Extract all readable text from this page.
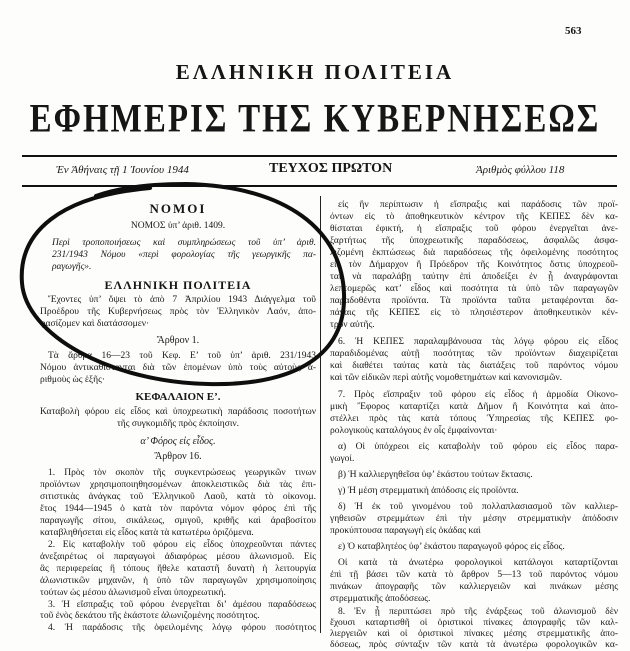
563
ΕΛΛΗΝΙΚΗ ΠΟΛΙΤΕΙΑ
ΕΦΗΜΕΡΙΣ ΤΗΣ ΚΥΒΕΡΝΗΣΕΩΣ
Ἐν Ἀθήναις τῇ 1 Ἰουνίου 1944	ΤΕΥΧΟΣ ΠΡΩΤΟΝ	Ἀριθμὸς φύλλου 118
ΝΟΜΟΙ
ΝΟΜΟΣ ὑπ’ ἀριθ. 1409.
Περὶ τροποποιήσεως καὶ συμπληρώσεως τοῦ ὑπ’ ἀριθ.
231/1943 Νόμου «περὶ φορολογίας τῆς γεωργικῆς πα-
ραγωγῆς».
ΕΛΛΗΝΙΚΗ ΠΟΛΙΤΕΙΑ
Ἔχοντες ὑπ’ ὄψει τὸ ἀπὸ 7 Ἀπριλίου 1943 Διάγγελμα τοῦ
Προέδρου τῆς Κυβερνήσεως πρὸς τὸν Ἑλληνικὸν Λαόν, ἀπο-
φασίζομεν καὶ διατάσσομεν·
Ἄρθρον 1.
Τὰ ἄρθρα 16—23 τοῦ Κεφ. Ε’ τοῦ ὑπ’ ἀριθ. 231/1943
Νόμου ἀντικαθίστανται διὰ τῶν ἑπομένων ὑπὸ τοὺς αὐτοὺς ἀ-
ριθμοὺς ὡς ἑξῆς·
ΚΕΦΑΛΑΙΟΝ Ε’.
Καταβολὴ φόρου εἰς εἶδος καὶ ὑποχρεωτικὴ παράδοσις ποσοτήτων
τῆς συγκομιδῆς πρὸς ἐκποίησιν.
α’ Φόρος εἰς εἶδος.
Ἄρθρον 16.
1. Πρὸς τὸν σκοπὸν τῆς συγκεντρώσεως γεωργικῶν τινων
προϊόντων χρησιμοποιηθησομένων ἀποκλειστικῶς διὰ τὰς ἐπι-
σιτιστικὰς ἀνάγκας τοῦ Ἑλληνικοῦ Λαοῦ, κατὰ τὸ οἰκονομ.
ἔτος 1944—1945 ὁ κατὰ τὸν παρόντα νόμον φόρος ἐπὶ τῆς
παραγωγῆς σίτου, σικάλεως, σμιγοῦ, κριθῆς καὶ ἀραβοσίτου
καταβληθήσεται εἰς εἶδος κατὰ τὰ κατωτέρω ὁριζόμενα.
2. Εἰς καταβολὴν τοῦ φόρου εἰς εἶδος ὑποχρεοῦνται πάντες
ἀνεξαιρέτως οἱ παραγωγοὶ ἀδιαφόρως μέσου ἁλωνισμοῦ. Εἰς
ἃς περιφερείας ἢ τόπους ἤθελε καταστῆ δυνατὴ ἡ λειτουργία
ἁλωνιστικῶν μηχανῶν, ἡ ὑπὸ τῶν παραγωγῶν χρησιμοποίησις
τούτων ὡς μέσου ἁλωνισμοῦ εἶναι ὑποχρεωτική.
3. Ἡ εἴσπραξις τοῦ φόρου ἐνεργεῖται δι’ ἀμέσου παραδόσεως
τοῦ ἐνὸς δεκάτου τῆς ἑκάστοτε ἁλωνιζομένης ποσότητος.
4. Ἡ παράδοσις τῆς ὀφειλομένης λόγῳ φόρου ποσότητος
εἰς ἣν περίπτωσιν ἡ εἴσπραξις καὶ παράδοσις τῶν προϊ-
όντων εἰς τὸ ἀποθηκευτικὸν κέντρον τῆς ΚΕΠΕΣ δὲν κα-
θίσταται ἐφικτή, ἡ εἴσπραξις τοῦ φόρου ἐνεργεῖται ἀνε-
ξαρτήτως τῆς ὑποχρεωτικῆς παραδόσεως, ἀσφαλῶς ἀσφα-
λιζομένη ἐκπτώσεως διὰ παραδόσεως τῆς ὀφειλομένης ποσότητος
εἰς τὸν Δήμαρχον ἢ Πρόεδρον τῆς Κοινότητος ὅστις ὑποχρεοῦ-
ται νὰ παραλάβῃ ταύτην ἐπὶ ἀποδείξει ἐν ᾗ ἀναγράφονται
λεπτομερῶς κατ’ εἶδος καὶ ποσότητα τὰ ὑπὸ τῶν παραγωγῶν
παραδοθέντα προϊόντα. Τὰ προϊόντα ταῦτα μεταφέρονται δα-
πάναις τῆς ΚΕΠΕΣ εἰς τὸ πλησιέστερον ἀποθηκευτικὸν κέν-
τρον αὐτῆς.
6. Ἡ ΚΕΠΕΣ παραλαμβάνουσα τὰς λόγῳ φόρου εἰς εἶδος
παραδιδομένας αὐτῇ ποσότητας τῶν προϊόντων διαχειρίζεται
καὶ διαθέτει ταύτας κατὰ τὰς διατάξεις τοῦ παρόντος νόμου
καὶ τῶν εἰδικῶν περὶ αὐτῆς νομοθετημάτων καὶ κανονισμῶν.
7. Πρὸς εἴσπραξιν τοῦ φόρου εἰς εἶδος ἡ ἁρμοδία Οἰκονο-
μικὴ Ἔφορος καταρτίζει κατὰ Δῆμον ἢ Κοινότητα καὶ ἀπο-
στέλλει πρὸς τὰς κατὰ τόπους Ὑπηρεσίας τῆς ΚΕΠΕΣ φο-
ρολογικοὺς καταλόγους ἐν οἷς ἐμφαίνονται·
α) Οἱ ὑπόχρεοι εἰς καταβολὴν τοῦ φόρου εἰς εἶδος παρα-
γωγοί.
β) Ἡ καλλιεργηθεῖσα ὑφ’ ἑκάστου τούτων ἔκτασις.
γ) Ἡ μέση στρεμματικὴ ἀπόδοσις εἰς προϊόντα.
δ) Ἡ ἐκ τοῦ γινομένου τοῦ πολλαπλασιασμοῦ τῶν καλλιερ-
γηθεισῶν στρεμμάτων ἐπὶ τὴν μέσην στρεμματικὴν ἀπόδοσιν
προκύπτουσα παραγωγὴ εἰς ὀκάδας καὶ
ε) Ὁ καταβλητέος ὑφ’ ἑκάστου παραγωγοῦ φόρος εἰς εἶδος.
Οἱ κατὰ τὰ ἀνωτέρω φορολογικοὶ κατάλογοι καταρτίζονται
ἐπὶ τῇ βάσει τῶν κατὰ τὸ ἄρθρον 5—13 τοῦ παρόντος νόμου
πινάκων ἀπογραφῆς τῶν καλλιεργειῶν καὶ πινάκων μέσης
στρεμματικῆς ἀποδόσεως.
8. Ἐν ᾗ περιπτώσει πρὸ τῆς ἐνάρξεως τοῦ ἁλωνισμοῦ δὲν
ἔχουσι καταρτισθῆ οἱ ὁριστικοὶ πίνακες ἀπογραφῆς τῶν καλ-
λιεργειῶν καὶ οἱ ὁριστικοὶ πίνακες μέσης στρεμματικῆς ἀπο-
δόσεως, πρὸς σύνταξιν τῶν κατὰ τὰ ἀνωτέρω φορολογικῶν κα-
